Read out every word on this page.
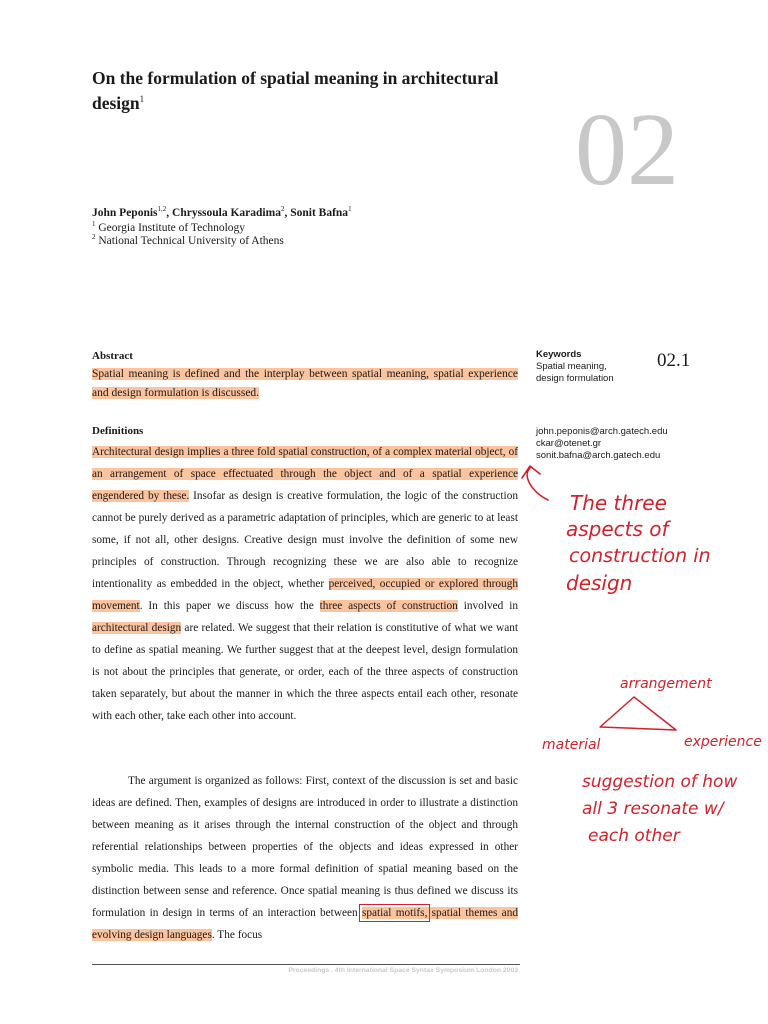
On the formulation of spatial meaning in architectural design$^1$	02
John Peponis$^{1,2}$, Chryssoula Karadima$^2$, Sonit Bafna$^1$
$^1$ Georgia Institute of Technology
$^2$ National Technical University of Athens
Abstract
Spatial meaning is defined and the interplay between spatial meaning, spatial experience and design formulation is discussed.
Definitions

Architectural design implies a three fold spatial construction, of a complex material object, of an arrangement of space effectuated through the object and of a spatial experience engendered by these. Insofar as design is creative formulation, the logic of the construction cannot be purely derived as a parametric adaptation of principles, which are generic to at least some, if not all, other designs. Creative design must involve the definition of some new principles of construction. Through recognizing these we are also able to recognize intentionality as embedded in the object, whether perceived, occupied or explored through movement. In this paper we discuss how the three aspects of construction involved in architectural design are related. We suggest that their relation is constitutive of what we want to define as spatial meaning. We further suggest that at the deepest level, design formulation is not about the principles that generate, or order, each of the three aspects of construction taken separately, but about the manner in which the three aspects entail each other, resonate with each other, take each other into account.

The argument is organized as follows: First, context of the discussion is set and basic ideas are defined. Then, examples of designs are introduced in order to illustrate a distinction between meaning as it arises through the internal construction of the object and through referential relationships between properties of the objects and ideas expressed in other symbolic media. This leads to a more formal definition of spatial meaning based on the distinction between sense and reference. Once spatial meaning is thus defined we discuss its formulation in design in terms of an interaction between spatial motifs, spatial themes and evolving design languages. The focus

Keywords
Spatial meaning, design formulation
02.1
john.peponis@arch.gatech.edu
ckar@otenet.gr
sonit.bafna@arch.gatech.edu
Proceedings . 4th International Space Syntax Symposium London 2003
The three
aspects of
construction in
design
arrangement
material	experience
suggestion of how
all 3 resonate w/
each other
